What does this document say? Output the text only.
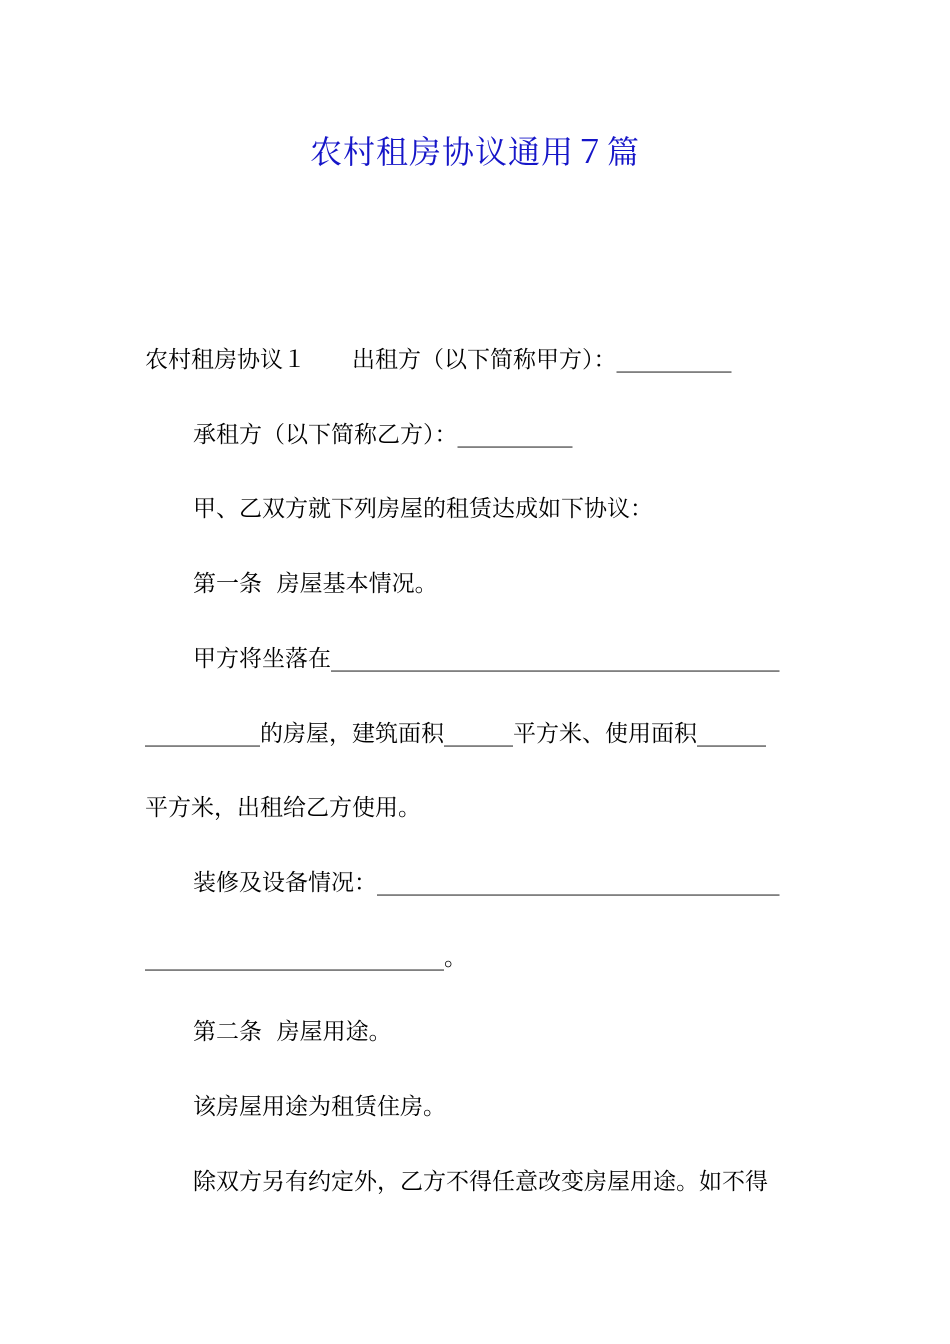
农村租房协议通用７篇

农村租房协议１　　出租方（以下简称甲方）：__________

承租方（以下简称乙方）：__________

甲、乙双方就下列房屋的租赁达成如下协议：

第一条  房屋基本情况。

甲方将坐落在_______________________________________

__________的房屋，建筑面积______平方米、使用面积______

平方米，出租给乙方使用。

装修及设备情况：___________________________________

__________________________。

第二条  房屋用途。

该房屋用途为租赁住房。

除双方另有约定外，乙方不得任意改变房屋用途。如不得
